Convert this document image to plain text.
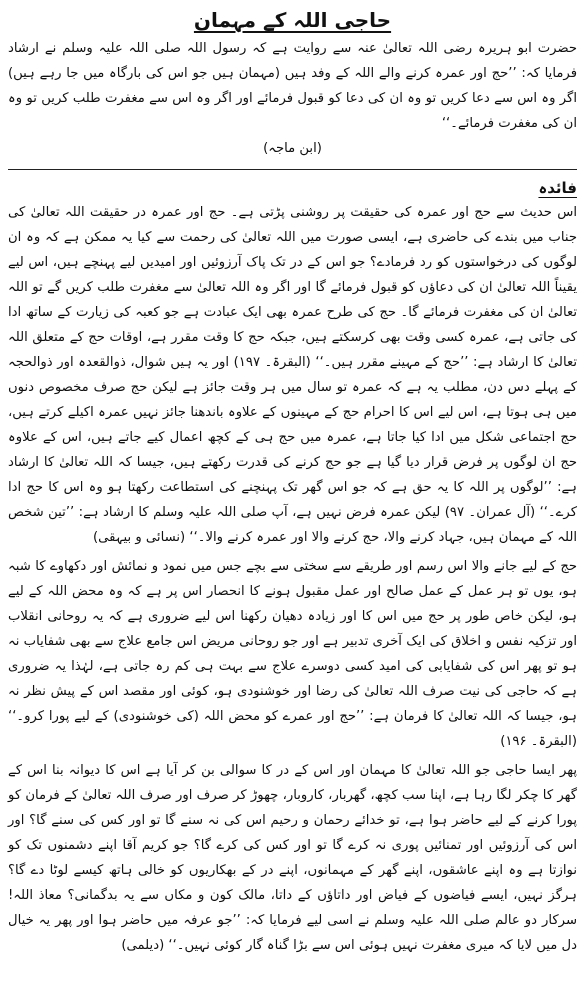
حاجی اللہ کے مہمان

حضرت ابو ہریرہ رضی اللہ تعالیٰ عنہ سے روایت ہے کہ رسول اللہ صلی اللہ علیہ وسلم نے ارشاد فرمایا کہ: ’’حج اور عمرہ کرنے والے اللہ کے وفد ہیں (مہمان ہیں جو اس کی بارگاہ میں جا رہے ہیں) اگر وہ اس سے دعا کریں تو وہ ان کی دعا کو قبول فرمائے اور اگر وہ اس سے مغفرت طلب کریں تو وہ ان کی مغفرت فرمائے۔‘‘

(ابن ماجہ)

فائدہ

اس حدیث سے حج اور عمرہ کی حقیقت پر روشنی پڑتی ہے۔ حج اور عمرہ در حقیقت اللہ تعالیٰ کی جناب میں بندے کی حاضری ہے، ایسی صورت میں اللہ تعالیٰ کی رحمت سے کیا یہ ممکن ہے کہ وہ ان لوگوں کی درخواستوں کو رد فرمادے؟ جو اس کے در تک پاک آرزوئیں اور امیدیں لیے پہنچے ہیں، اس لیے یقیناً اللہ تعالیٰ ان کی دعاؤں کو قبول فرمائے گا اور اگر وہ اللہ تعالیٰ سے مغفرت طلب کریں گے تو اللہ تعالیٰ ان کی مغفرت فرمائے گا۔ حج کی طرح عمرہ بھی ایک عبادت ہے جو کعبہ کی زیارت کے ساتھ ادا کی جاتی ہے، عمرہ کسی وقت بھی کرسکتے ہیں، جبکہ حج کا وقت مقرر ہے، اوقات حج کے متعلق اللہ تعالیٰ کا ارشاد ہے: ’’حج کے مہینے مقرر ہیں۔‘‘ (البقرۃ۔ ۱۹۷) اور یہ ہیں شوال، ذوالقعدہ اور ذوالحجہ کے پہلے دس دن، مطلب یہ ہے کہ عمرہ تو سال میں ہر وقت جائز ہے لیکن حج صرف مخصوص دنوں میں ہی ہوتا ہے، اس لیے اس کا احرام حج کے مہینوں کے علاوہ باندھنا جائز نہیں عمرہ اکیلے کرتے ہیں، حج اجتماعی شکل میں ادا کیا جاتا ہے، عمرہ میں حج ہی کے کچھ اعمال کیے جاتے ہیں، اس کے علاوہ حج ان لوگوں پر فرض قرار دیا گیا ہے جو حج کرنے کی قدرت رکھتے ہیں، جیسا کہ اللہ تعالیٰ کا ارشاد ہے: ’’لوگوں پر اللہ کا یہ حق ہے کہ جو اس گھر تک پہنچنے کی استطاعت رکھتا ہو وہ اس کا حج ادا کرے۔‘‘ (آل عمران۔ ۹۷) لیکن عمرہ فرض نہیں ہے، آپ صلی اللہ علیہ وسلم کا ارشاد ہے: ’’تین شخص اللہ کے مہمان ہیں، جہاد کرنے والا، حج کرنے والا اور عمرہ کرنے والا۔‘‘ (نسائی و بیہقی)

حج کے لیے جانے والا اس رسم اور طریقے سے سختی سے بچے جس میں نمود و نمائش اور دکھاوے کا شبہ ہو، یوں تو ہر عمل کے عمل صالح اور عمل مقبول ہونے کا انحصار اس پر ہے کہ وہ محض اللہ کے لیے ہو، لیکن خاص طور پر حج میں اس کا اور زیادہ دھیان رکھنا اس لیے ضروری ہے کہ یہ روحانی انقلاب اور تزکیہ نفس و اخلاق کی ایک آخری تدبیر ہے اور جو روحانی مریض اس جامع علاج سے بھی شفایاب نہ ہو تو پھر اس کی شفایابی کی امید کسی دوسرے علاج سے بہت ہی کم رہ جاتی ہے، لہٰذا یہ ضروری ہے کہ حاجی کی نیت صرف اللہ تعالیٰ کی رضا اور خوشنودی ہو، کوئی اور مقصد اس کے پیش نظر نہ ہو، جیسا کہ اللہ تعالیٰ کا فرمان ہے: ’’حج اور عمرے کو محض اللہ (کی خوشنودی) کے لیے پورا کرو۔‘‘ (البقرۃ۔ ۱۹۶)

پھر ایسا حاجی جو اللہ تعالیٰ کا مہمان اور اس کے در کا سوالی بن کر آیا ہے اس کا دیوانہ بنا اس کے گھر کا چکر لگا رہا ہے، اپنا سب کچھ، گھربار، کاروبار، چھوڑ کر صرف اور صرف اللہ تعالیٰ کے فرمان کو پورا کرنے کے لیے حاضر ہوا ہے، تو خدائے رحمان و رحیم اس کی نہ سنے گا تو اور کس کی سنے گا؟ اور اس کی آرزوئیں اور تمنائیں پوری نہ کرے گا تو اور کس کی کرے گا؟ جو کریم آقا اپنے دشمنوں تک کو نوازتا ہے وہ اپنے عاشقوں، اپنے گھر کے مہمانوں، اپنے در کے بھکاریوں کو خالی ہاتھ کیسے لوٹا دے گا؟ ہرگز نہیں، ایسے فیاضوں کے فیاض اور داتاؤں کے داتا، مالک کون و مکاں سے یہ بدگمانی؟ معاذ اللہ! سرکار دو عالم صلی اللہ علیہ وسلم نے اسی لیے فرمایا کہ: ’’جو عرفہ میں حاضر ہوا اور پھر یہ خیال دل میں لایا کہ میری مغفرت نہیں ہوئی اس سے بڑا گناہ گار کوئی نہیں۔‘‘ (دیلمی)
